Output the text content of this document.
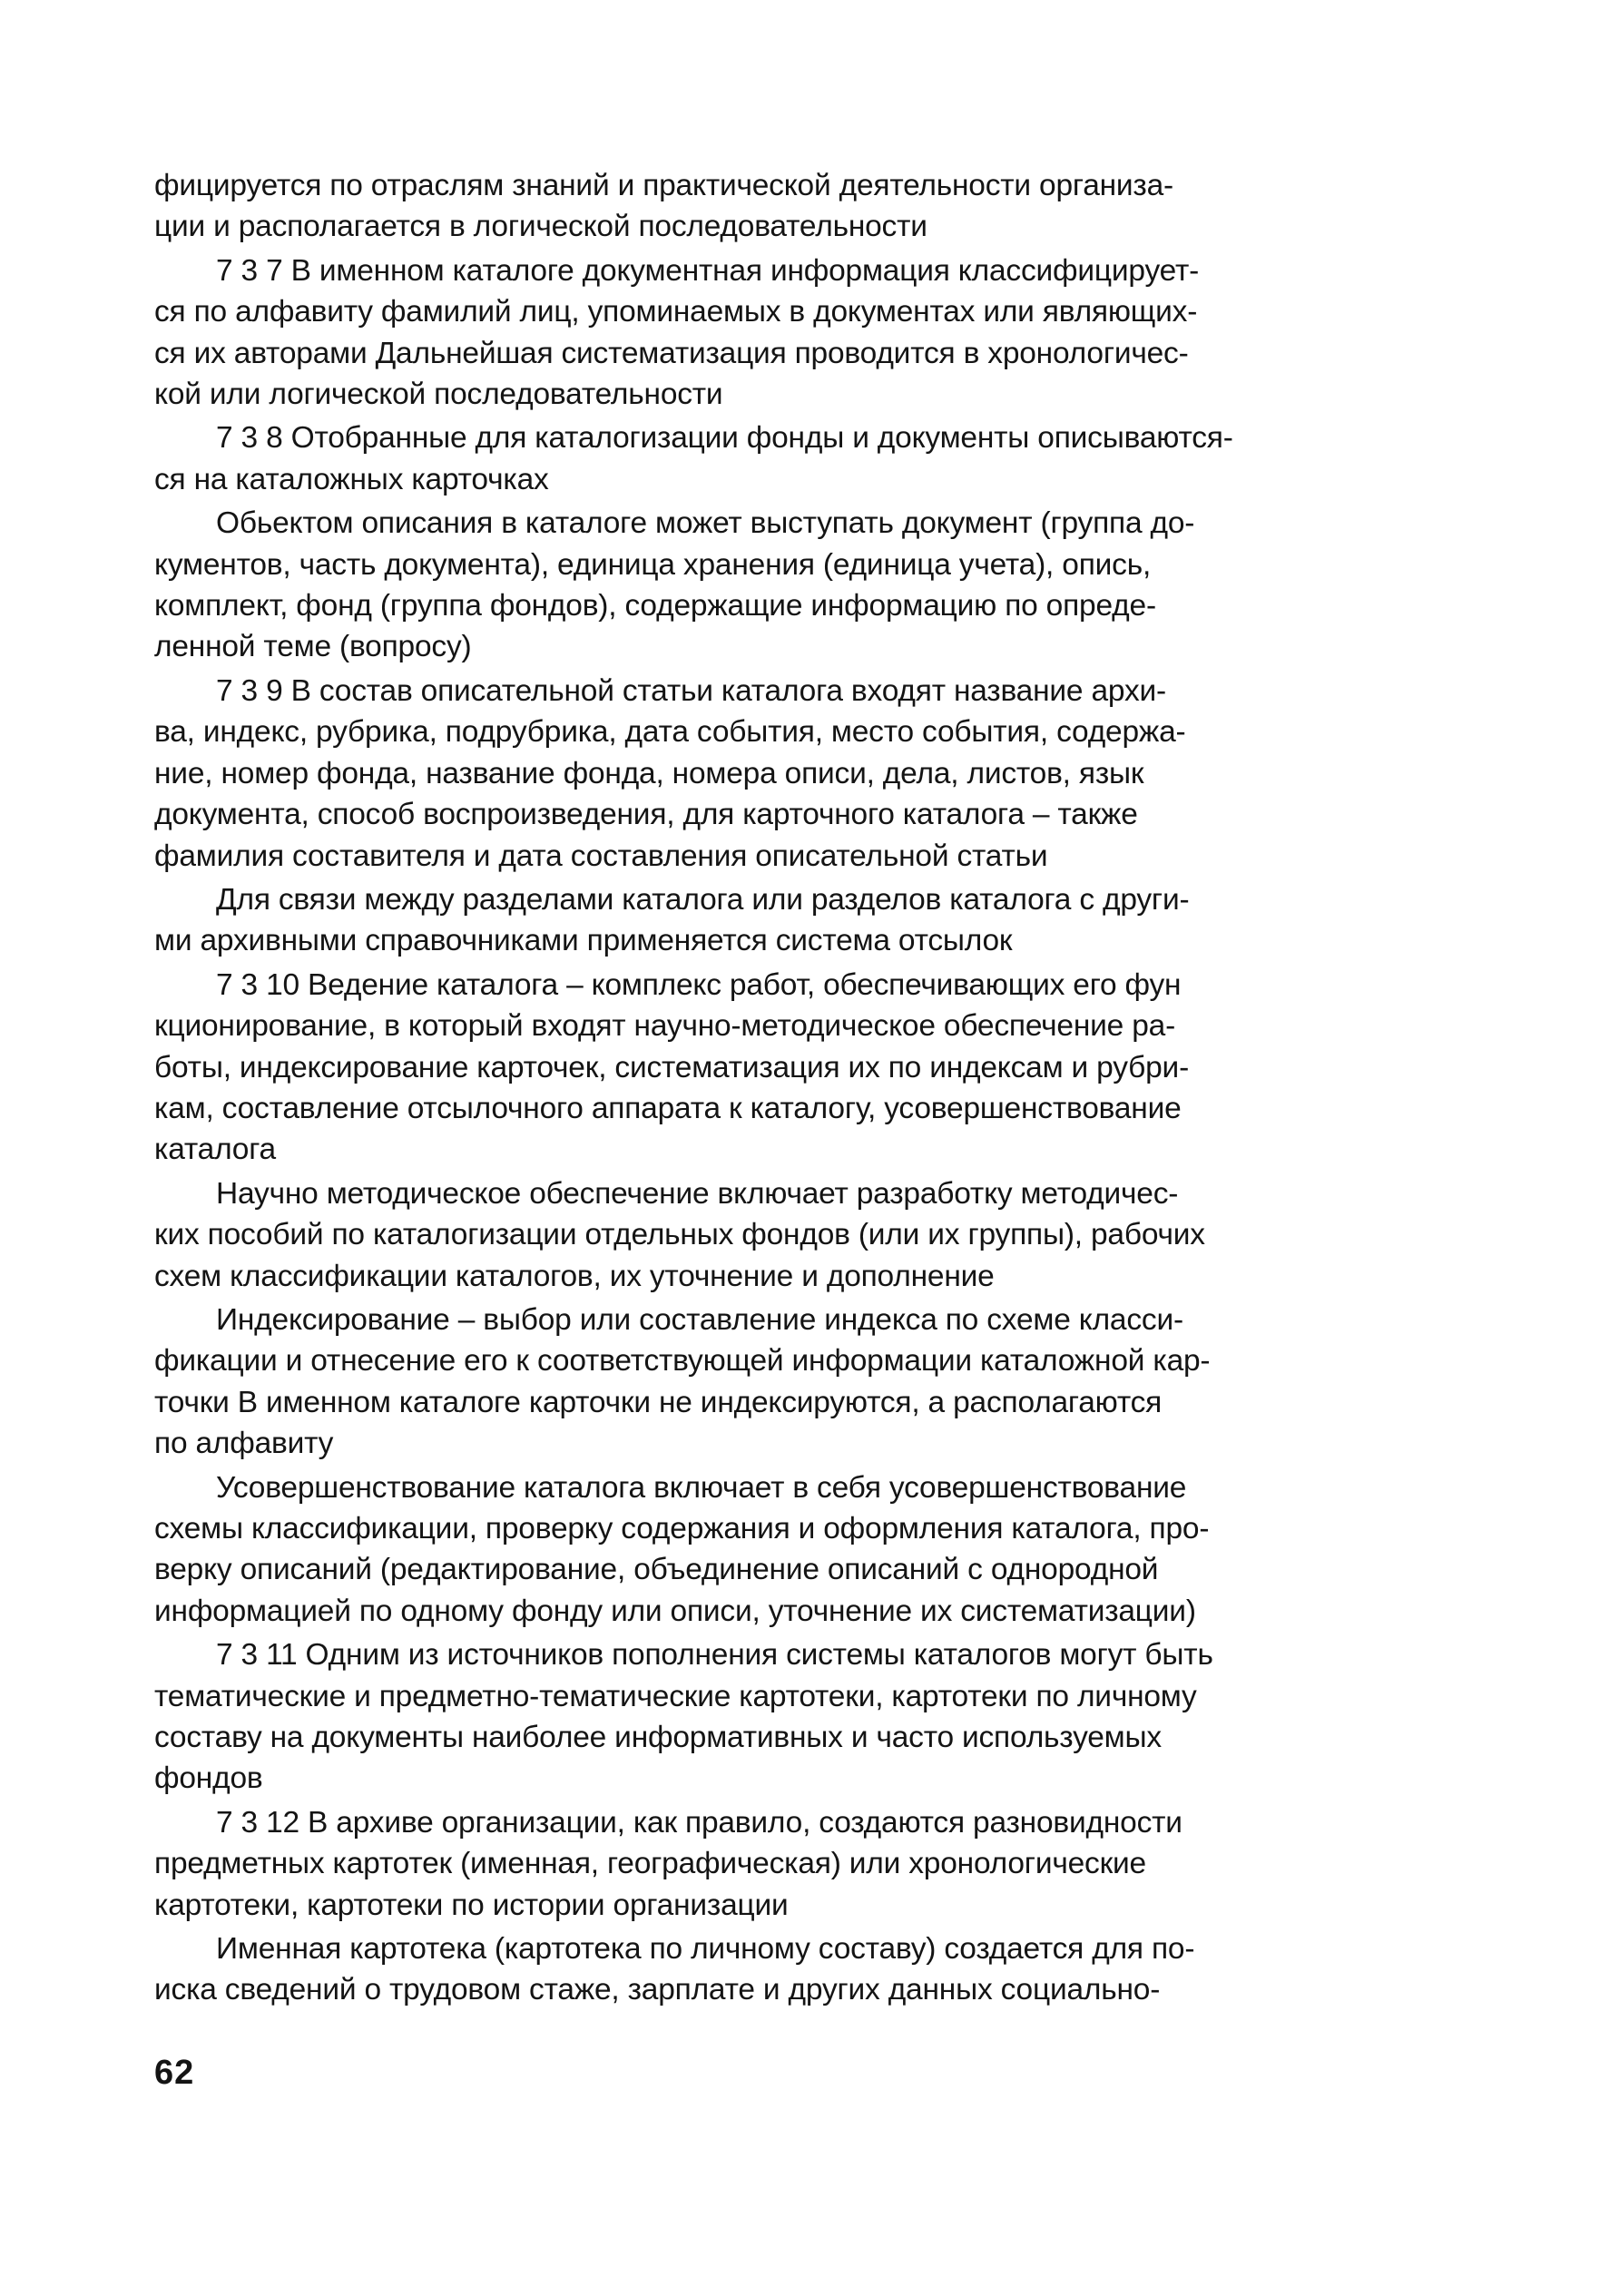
фицируется по отраслям знаний и практической деятельности организа-
ции и располагается в логической последовательности
7 3 7 В именном каталоге документная информация классифицирует-
ся по алфавиту фамилий лиц, упоминаемых в документах или являющих-
ся их авторами Дальнейшая систематизация проводится в хронологичес-
кой или логической последовательности
7 3 8 Отобранные для каталогизации фонды и документы описываются-
ся на каталожных карточках
Обьектом описания в каталоге может выступать документ (группа до-
кументов, часть документа), единица хранения (единица учета), опись,
комплект, фонд (группа фондов), содержащие информацию по опреде-
ленной теме (вопросу)
7 3 9 В состав описательной статьи каталога входят название архи-
ва, индекс, рубрика, подрубрика, дата события, место события, содержа-
ние, номер фонда, название фонда, номера описи, дела, листов, язык
документа, способ воспроизведения, для карточного каталога – также
фамилия составителя и дата составления описательной статьи
Для связи между разделами каталога или разделов каталога с други-
ми архивными справочниками применяется система отсылок
7 3 10 Ведение каталога – комплекс работ, обеспечивающих его фун
кционирование, в который входят научно-методическое обеспечение ра-
боты, индексирование карточек, систематизация их по индексам и рубри-
кам, составление отсылочного аппарата к каталогу, усовершенствование
каталога
Научно методическое обеспечение включает разработку методичес-
ких пособий по каталогизации отдельных фондов (или их группы), рабочих
схем классификации каталогов, их уточнение и дополнение
Индексирование – выбор или составление индекса по схеме класси-
фикации и отнесение его к соответствующей информации каталожной кар-
точки В именном каталоге карточки не индексируются, а располагаются
по алфавиту
Усовершенствование каталога включает в себя усовершенствование
схемы классификации, проверку содержания и оформления каталога, про-
верку описаний (редактирование, объединение описаний с однородной
информацией по одному фонду или описи, уточнение их систематизации)
7 3 11 Одним из источников пополнения системы каталогов могут быть
тематические и предметно-тематические картотеки, картотеки по личному
составу на документы наиболее информативных и часто используемых
фондов
7 3 12 В архиве организации, как правило, создаются разновидности
предметных картотек (именная, географическая) или хронологические
картотеки, картотеки по истории организации
Именная картотека (картотека по личному составу) создается для по-
иска сведений о трудовом стаже, зарплате и других данных социально-
62
